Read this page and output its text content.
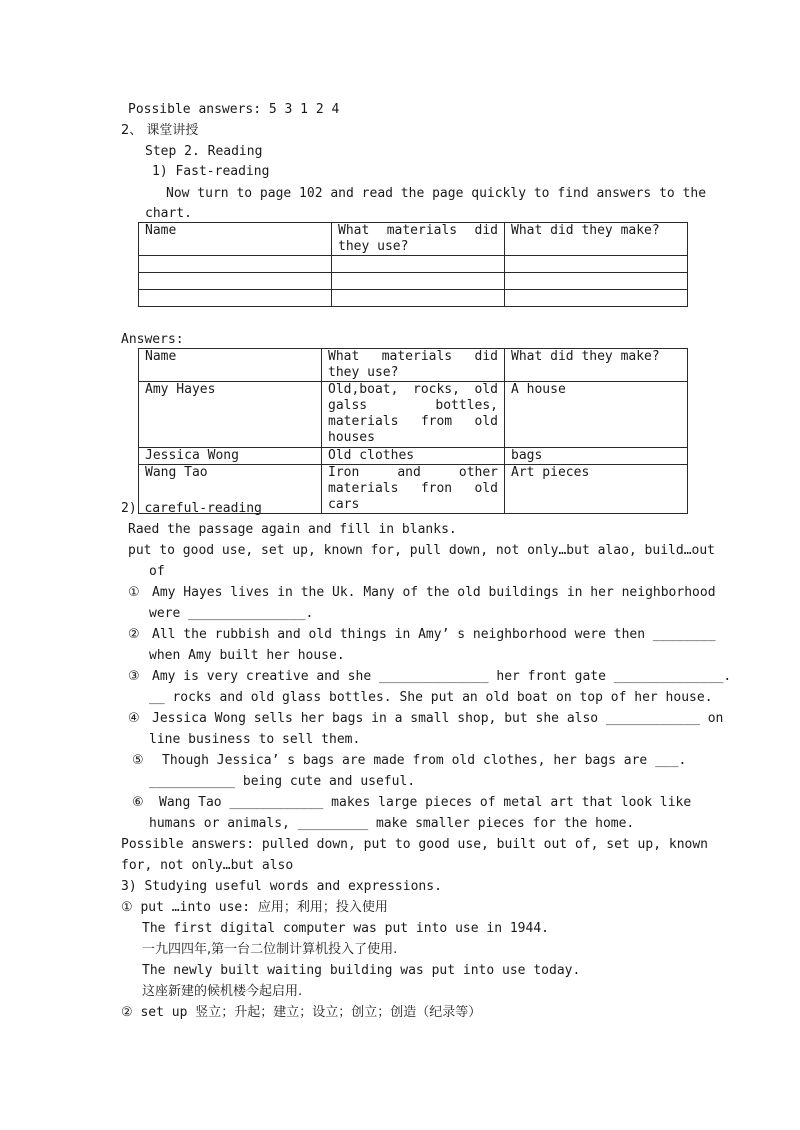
Possible answers: 5 3 1 2 4
2、 课堂讲授
Step 2. Reading
1) Fast-reading
Now turn to page 102 and read the page quickly to find answers to the
chart.
Name	What materials did they use?	What did they make?

Answers:
Name	What materials did they use?	What did they make?
Amy Hayes	Old,boat, rocks, old galss bottles, materials from old houses	A house
Jessica Wong	Old clothes	bags
Wang Tao	Iron and other materials fron old cars	Art pieces
2) careful-reading
Raed the passage again and fill in blanks.
put to good use, set up, known for, pull down, not only…but alao, build…out
of
① Amy Hayes lives in the Uk. Many of the old buildings in her neighborhood
were _______________.
② All the rubbish and old things in Amy’ s neighborhood were then ________
when Amy built her house.
③ Amy is very creative and she ______________ her front gate ______________.
__ rocks and old glass bottles. She put an old boat on top of her house.
④ Jessica Wong sells her bags in a small shop, but she also ____________ on
line business to sell them.
⑤ Though Jessica’ s bags are made from old clothes, her bags are ___.
___________ being cute and useful.
⑥ Wang Tao ____________ makes large pieces of metal art that look like
humans or animals, _________ make smaller pieces for the home.
Possible answers: pulled down, put to good use, built out of, set up, known
for, not only…but also
3) Studying useful words and expressions.
① put …into use: 应用；利用；投入使用
The first digital computer was put into use in 1944.
一九四四年,第一台二位制计算机投入了使用.
The newly built waiting building was put into use today.
这座新建的候机楼今起启用.
② set up 竖立；升起；建立；设立；创立；创造（纪录等）
